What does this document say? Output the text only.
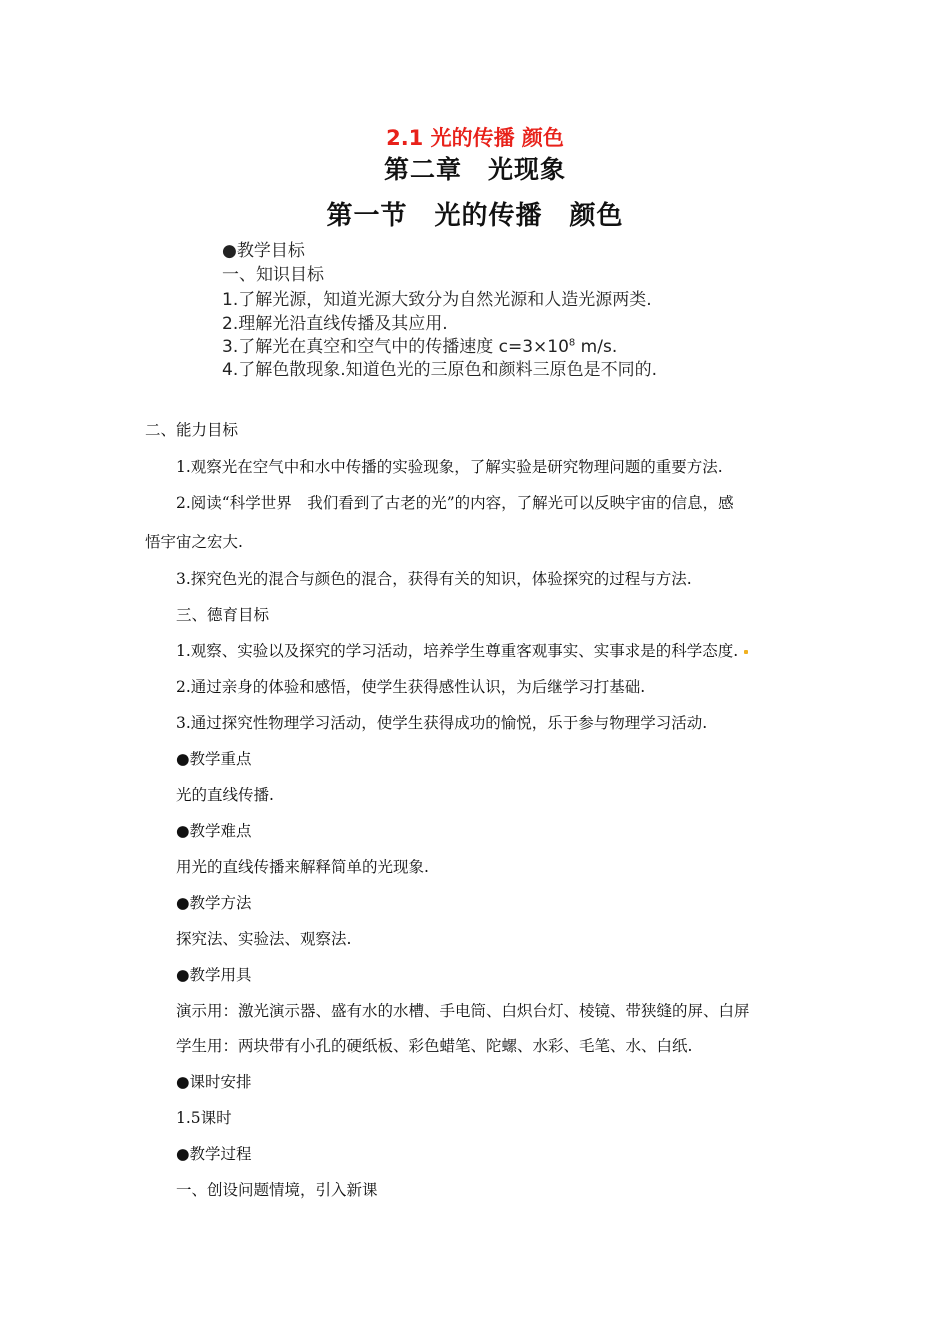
2.1 光的传播 颜色
第二章　光现象
第一节　光的传播　颜色
●教学目标
一、知识目标
1.了解光源，知道光源大致分为自然光源和人造光源两类.
2.理解光沿直线传播及其应用.
3.了解光在真空和空气中的传播速度 $c=3\times 10^8$ m/s.
4.了解色散现象.知道色光的三原色和颜料三原色是不同的.
二、能力目标
1.观察光在空气中和水中传播的实验现象，了解实验是研究物理问题的重要方法.
2.阅读“科学世界　我们看到了古老的光”的内容，了解光可以反映宇宙的信息，感
悟宇宙之宏大.
3.探究色光的混合与颜色的混合，获得有关的知识，体验探究的过程与方法.
三、德育目标
1.观察、实验以及探究的学习活动，培养学生尊重客观事实、实事求是的科学态度.
2.通过亲身的体验和感悟，使学生获得感性认识，为后继学习打基础.
3.通过探究性物理学习活动，使学生获得成功的愉悦，乐于参与物理学习活动.
●教学重点
光的直线传播.
●教学难点
用光的直线传播来解释简单的光现象.
●教学方法
探究法、实验法、观察法.
●教学用具
演示用：激光演示器、盛有水的水槽、手电筒、白炽台灯、棱镜、带狭缝的屏、白屏
学生用：两块带有小孔的硬纸板、彩色蜡笔、陀螺、水彩、毛笔、水、白纸.
●课时安排
1.5课时
●教学过程
一、创设问题情境，引入新课
